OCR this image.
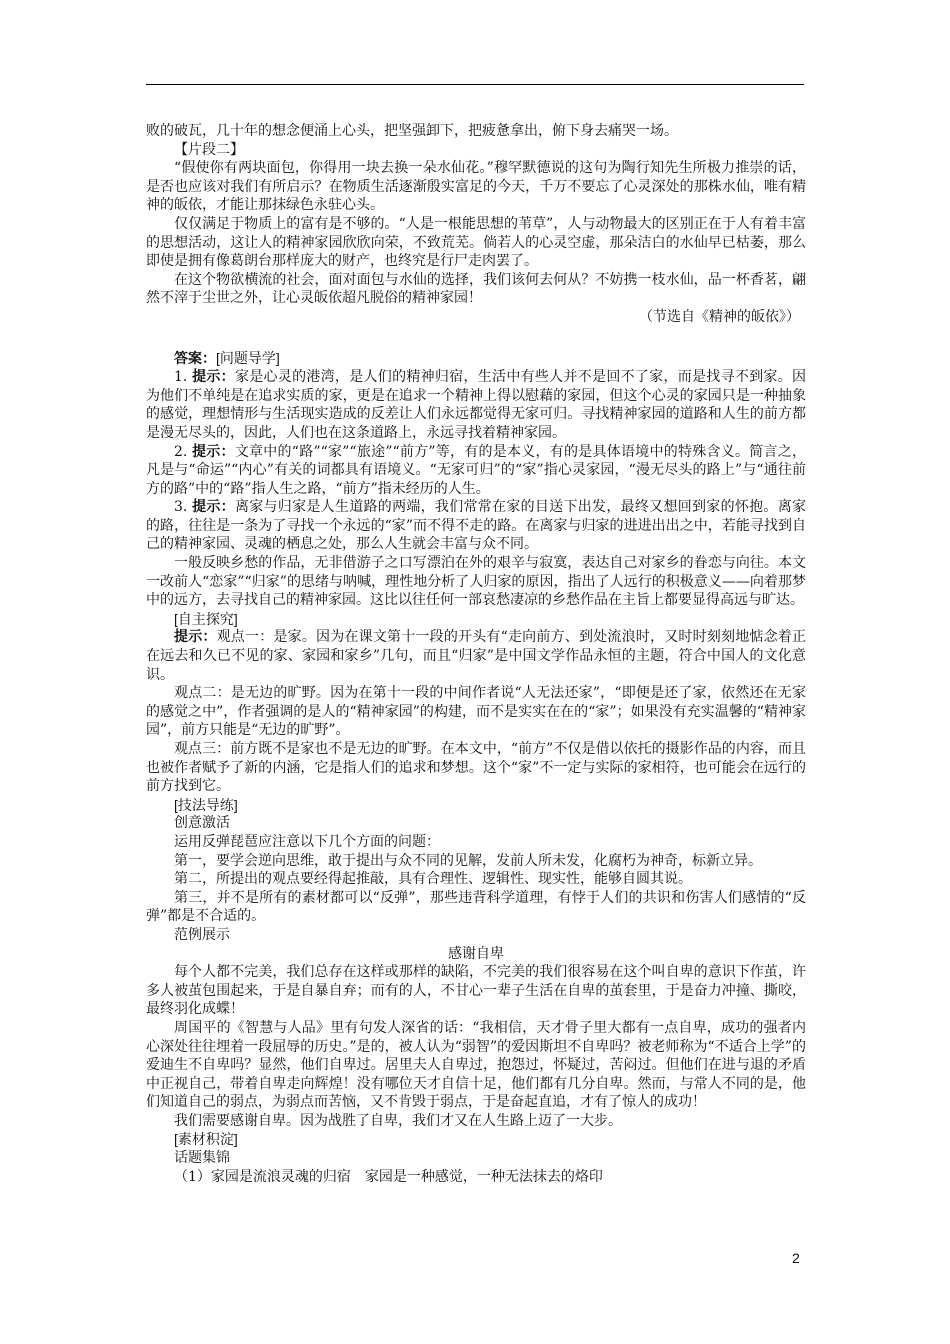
败的破瓦，几十年的想念便涌上心头，把坚强卸下，把疲惫拿出，俯下身去痛哭一场。

【片段二】

“假使你有两块面包，你得用一块去换一朵水仙花。”穆罕默德说的这句为陶行知先生所极力推崇的话，是否也应该对我们有所启示？在物质生活逐渐殷实富足的今天，千万不要忘了心灵深处的那株水仙，唯有精神的皈依，才能让那抹绿色永驻心头。

仅仅满足于物质上的富有是不够的。“人是一根能思想的苇草”，人与动物最大的区别正在于人有着丰富的思想活动，这让人的精神家园欣欣向荣，不致荒芜。倘若人的心灵空虚，那朵洁白的水仙早已枯萎，那么即使是拥有像葛朗台那样庞大的财产，也终究是行尸走肉罢了。

在这个物欲横流的社会，面对面包与水仙的选择，我们该何去何从？不妨携一枝水仙，品一杯香茗，翩然不滓于尘世之外，让心灵皈依超凡脱俗的精神家园！

（节选自《精神的皈依》）

答案：[问题导学]

1. 提示：家是心灵的港湾，是人们的精神归宿，生活中有些人并不是回不了家，而是找寻不到家。因为他们不单纯是在追求实质的家，更是在追求一个精神上得以慰藉的家园，但这个心灵的家园只是一种抽象的感觉，理想情形与生活现实造成的反差让人们永远都觉得无家可归。寻找精神家园的道路和人生的前方都是漫无尽头的，因此，人们也在这条道路上，永远寻找着精神家园。

2. 提示：文章中的“路”“家”“旅途”“前方”等，有的是本义，有的是具体语境中的特殊含义。简言之，凡是与“命运”“内心”有关的词都具有语境义。“无家可归”的“家”指心灵家园，“漫无尽头的路上”与“通往前方的路”中的“路”指人生之路，“前方”指未经历的人生。

3. 提示：离家与归家是人生道路的两端，我们常常在家的目送下出发，最终又想回到家的怀抱。离家的路，往往是一条为了寻找一个永远的“家”而不得不走的路。在离家与归家的进进出出之中，若能寻找到自己的精神家园、灵魂的栖息之处，那么人生就会丰富与众不同。

一般反映乡愁的作品，无非借游子之口写漂泊在外的艰辛与寂寞，表达自己对家乡的眷恋与向往。本文一改前人“恋家”“归家”的思绪与呐喊，理性地分析了人归家的原因，指出了人远行的积极意义——向着那梦中的远方，去寻找自己的精神家园。这比以往任何一部哀愁凄凉的乡愁作品在主旨上都要显得高远与旷达。

[自主探究]

提示：观点一：是家。因为在课文第十一段的开头有“走向前方、到处流浪时，又时时刻刻地惦念着正在远去和久已不见的家、家园和家乡”几句，而且“归家”是中国文学作品永恒的主题，符合中国人的文化意识。

观点二：是无边的旷野。因为在第十一段的中间作者说“人无法还家”，“即便是还了家，依然还在无家的感觉之中”，作者强调的是人的“精神家园”的构建，而不是实实在在的“家”；如果没有充实温馨的“精神家园”，前方只能是“无边的旷野”。

观点三：前方既不是家也不是无边的旷野。在本文中，“前方”不仅是借以依托的摄影作品的内容，而且也被作者赋予了新的内涵，它是指人们的追求和梦想。这个“家”不一定与实际的家相符，也可能会在远行的前方找到它。

[技法导练]

创意激活

运用反弹琵琶应注意以下几个方面的问题：

第一，要学会逆向思维，敢于提出与众不同的见解，发前人所未发，化腐朽为神奇，标新立异。

第二，所提出的观点要经得起推敲，具有合理性、逻辑性、现实性，能够自圆其说。

第三，并不是所有的素材都可以“反弹”，那些违背科学道理，有悖于人们的共识和伤害人们感情的“反弹”都是不合适的。

范例展示

感谢自卑

每个人都不完美，我们总存在这样或那样的缺陷，不完美的我们很容易在这个叫自卑的意识下作茧，许多人被茧包围起来，于是自暴自弃；而有的人，不甘心一辈子生活在自卑的茧套里，于是奋力冲撞、撕咬，最终羽化成蝶！

周国平的《智慧与人品》里有句发人深省的话：“我相信，天才骨子里大都有一点自卑，成功的强者内心深处往往埋着一段屈辱的历史。”是的，被人认为“弱智”的爱因斯坦不自卑吗？被老师称为“不适合上学”的爱迪生不自卑吗？显然，他们自卑过。居里夫人自卑过，抱怨过，怀疑过，苦闷过。但他们在进与退的矛盾中正视自己，带着自卑走向辉煌！没有哪位天才自信十足，他们都有几分自卑。然而，与常人不同的是，他们知道自己的弱点，为弱点而苦恼，又不肯毁于弱点，于是奋起直追，才有了惊人的成功！

我们需要感谢自卑。因为战胜了自卑，我们才又在人生路上迈了一大步。

[素材积淀]

话题集锦

（1）家园是流浪灵魂的归宿　家园是一种感觉，一种无法抹去的烙印

2
